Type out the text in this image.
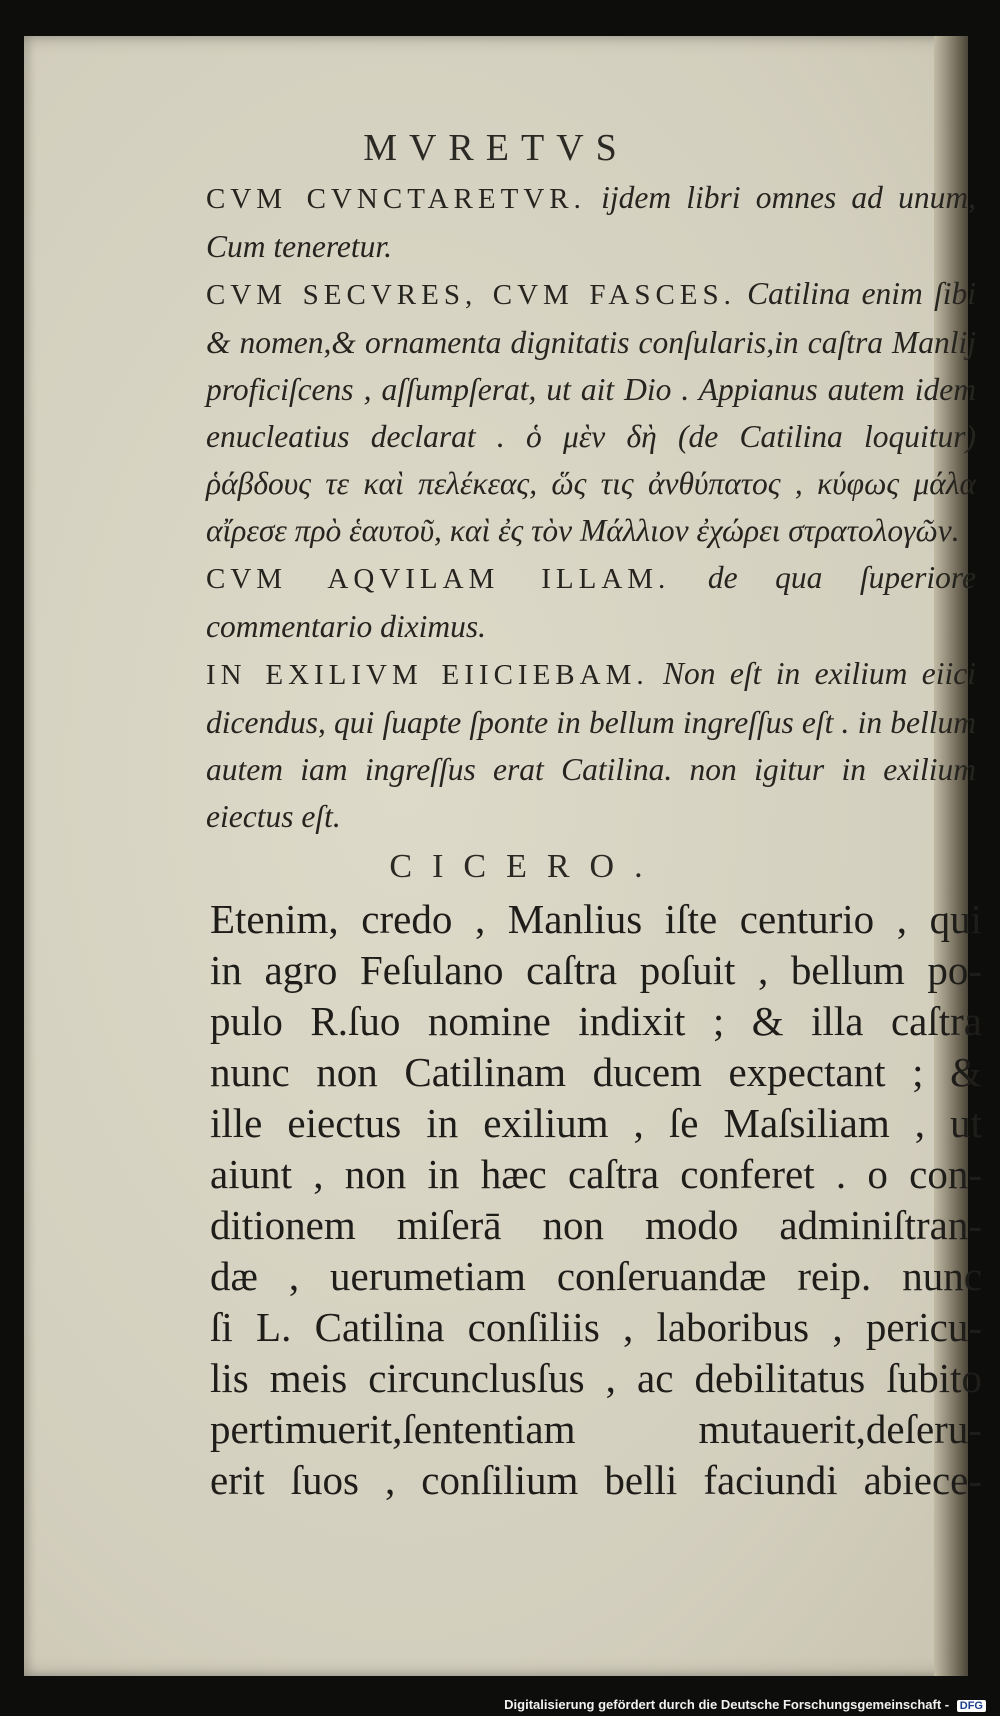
MVRETVS

CVM CVNCTARETVR. ijdem libri omnes ad unum, Cum teneretur.

CVM SECVRES, CVM FASCES. Catilina enim ſibi & nomen,& ornamenta dignitatis conſularis,in caſtra Manlij proficiſcens , aſſumpſerat, ut ait Dio . Appianus autem idem enucleatius declarat . ὁ μὲν δὴ (de Catilina loquitur) ῥάβδους τε καὶ πελέκεας, ὥς τις ἀνθύπατος , κύφως μάλα αἴρεσε πρὸ ἑαυτοῦ, καὶ ἐς τὸν Μάλλιον ἐχώρει στρατολογῶν.

CVM AQVILAM ILLAM. de qua ſuperiore commentario diximus.

IN EXILIVM EIICIEBAM. Non eſt in exilium eiici dicendus, qui ſuapte ſponte in bellum ingreſſus eſt . in bellum autem iam ingreſſus erat Catilina. non igitur in exilium eiectus eſt.

CICERO.
Etenim, credo , Manlius iſte centurio , qui
in agro Feſulano caſtra poſuit , bellum po-
pulo R.ſuo nomine indixit ; & illa caſtra
nunc non Catilinam ducem expectant ; &
ille eiectus in exilium , ſe Maſsiliam , ut
aiunt , non in hæc caſtra conferet . o con-
ditionem miſerā non modo adminiſtran-
dæ , uerumetiam conſeruandæ reip. nunc
ſi L. Catilina conſiliis , laboribus , pericu-
lis meis circunclusſus , ac debilitatus ſubito
pertimuerit,ſententiam mutauerit,deſeru-
erit ſuos , conſilium belli faciundi abiece-
Digitalisierung gefördert durch die Deutsche Forschungsgemeinschaft - DFG
